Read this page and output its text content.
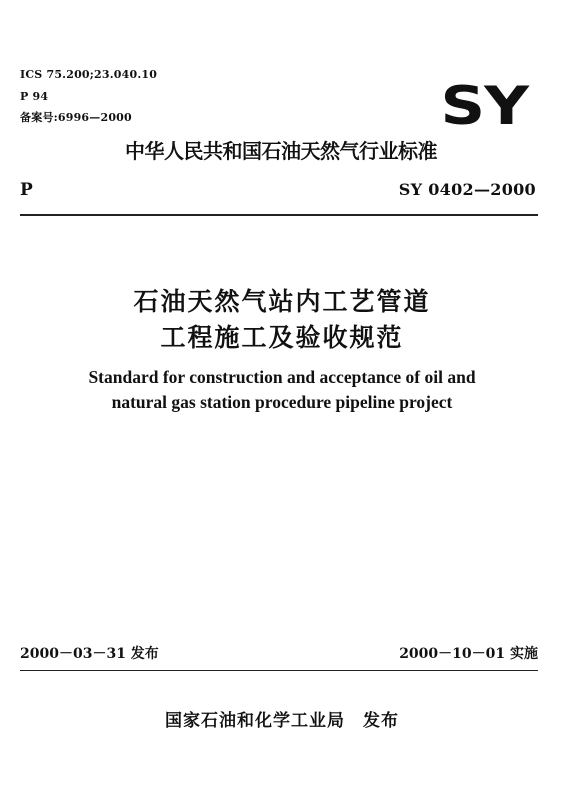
ICS 75.200;23.040.10
P 94
备案号:6996—2000	SY
中华人民共和国石油天然气行业标准
P	SY 0402—2000
石油天然气站内工艺管道
工程施工及验收规范
Standard for construction and acceptance of oil and
natural gas station procedure pipeline project
2000－03－31 发布	2000－10－01 实施
国家石油和化学工业局　发布
